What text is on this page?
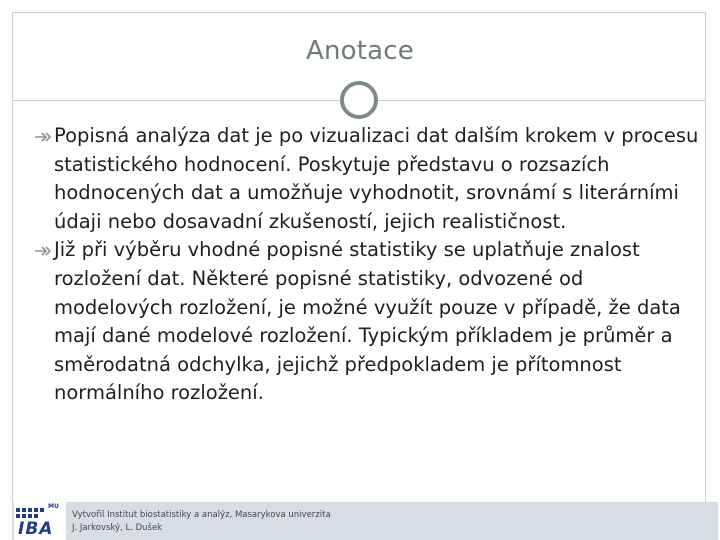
Anotace
Popisná analýza dat je po vizualizaci dat dalším krokem v procesu statistického hodnocení. Poskytuje představu o rozsazích hodnocených dat a umožňuje vyhodnotit, srovnámí s literárními údaji nebo dosavadní zkušeností, jejich realističnost.
Již při výběru vhodné popisné statistiky se uplatňuje znalost rozložení dat. Některé popisné statistiky, odvozené od modelových rozložení, je možné využít pouze v případě, že data mají dané modelové rozložení. Typickým příkladem je průměr a směrodatná odchylka, jejichž předpokladem je přítomnost normálního rozložení.
MU
IBA
Vytvořil Institut biostatistiky a analýz, Masarykova univerzita
J. Jarkovský, L. Dušek
